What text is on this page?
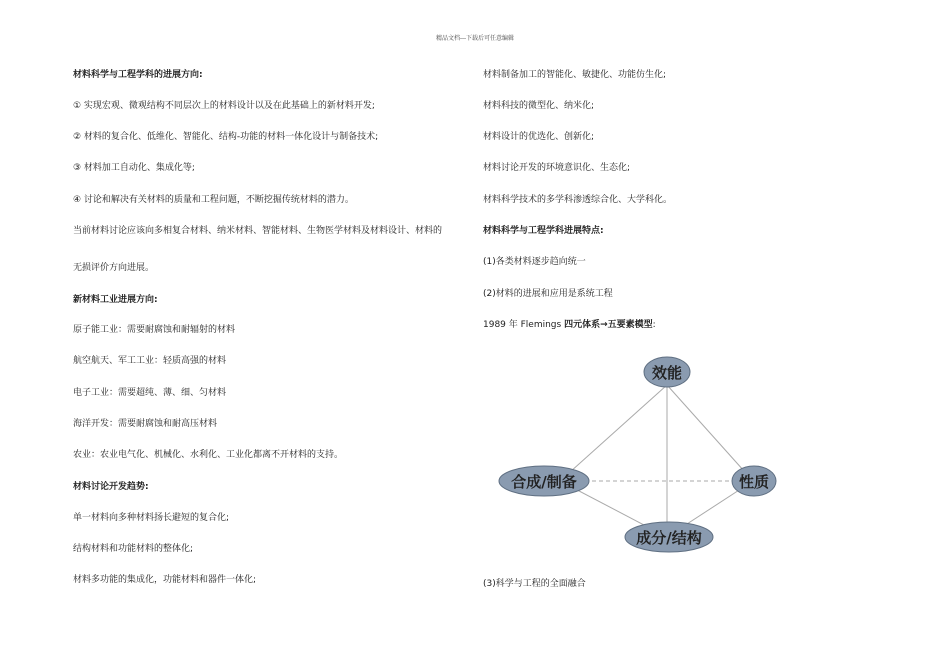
精品文档---下载后可任意编辑
材料科学与工程学科的进展方向:
① 实现宏观、微观结构不同层次上的材料设计以及在此基础上的新材料开发;
② 材料的复合化、低维化、智能化、结构-功能的材料一体化设计与制备技术;
③ 材料加工自动化、集成化等;
④ 讨论和解决有关材料的质量和工程问题，不断挖掘传统材料的潜力。
当前材料讨论应该向多相复合材料、纳米材料、智能材料、生物医学材料及材料设计、材料的
无损评价方向进展。
新材料工业进展方向:
原子能工业：需要耐腐蚀和耐辐射的材料
航空航天、军工工业：轻质高强的材料
电子工业：需要超纯、薄、细、匀材料
海洋开发：需要耐腐蚀和耐高压材料
农业：农业电气化、机械化、水利化、工业化都离不开材料的支持。
材料讨论开发趋势:
单一材料向多种材料扬长避短的复合化;
结构材料和功能材料的整体化;
材料多功能的集成化，功能材料和器件一体化;
材料制备加工的智能化、敏捷化、功能仿生化;
材料科技的微型化、纳米化;
材料设计的优选化、创新化;
材料讨论开发的环境意识化、生态化;
材料科学技术的多学科渗透综合化、大学科化。
材料科学与工程学科进展特点:
(1)各类材料逐步趋向统一
(2)材料的进展和应用是系统工程
1989 年 Flemings 四元体系→五要素模型:
效能
合成/制备	性质
成分/结构
(3)科学与工程的全面融合
